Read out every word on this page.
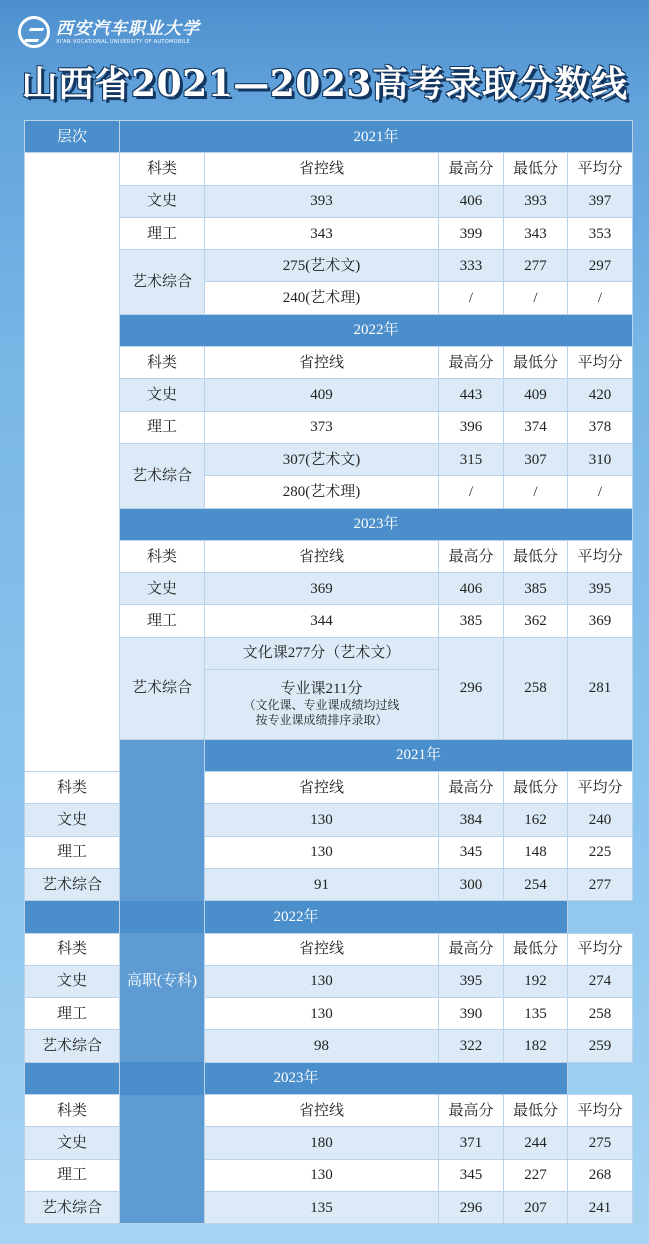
西安汽车职业大学
XI'AN VOCATIONAL UNIVERSITY OF AUTOMOBILE
山西省2021—2023高考录取分数线
层次	2021年				
本科	科类	省控线	最高分	最低分	平均分
	文史	393	406	393	397
	理工	343	399	343	353
	艺术综合	275(艺术文)	333	277	297
		240(艺术理)	/	/	/
	2022年				
	科类	省控线	最高分	最低分	平均分
	文史	409	443	409	420
	理工	373	396	374	378
	艺术综合	307(艺术文)	315	307	310
		280(艺术理)	/	/	/
	2023年				
	科类	省控线	最高分	最低分	平均分
	文史	369	406	385	395
	理工	344	385	362	369
	艺术综合	文化课277分（艺术文）	296	258	281

		专业课211分
（文化课、专业课成绩均过线
按专业课成绩排序录取）			

	高职(专科)	2021年			
科类		省控线	最高分	最低分	平均分
文史		130	384	162	240
理工		130	345	148	225
艺术综合		91	300	254	277
2022年					
科类		省控线	最高分	最低分	平均分
文史		130	395	192	274
理工		130	390	135	258
艺术综合		98	322	182	259
2023年					
科类		省控线	最高分	最低分	平均分
文史		180	371	244	275
理工		130	345	227	268
艺术综合		135	296	207	241
